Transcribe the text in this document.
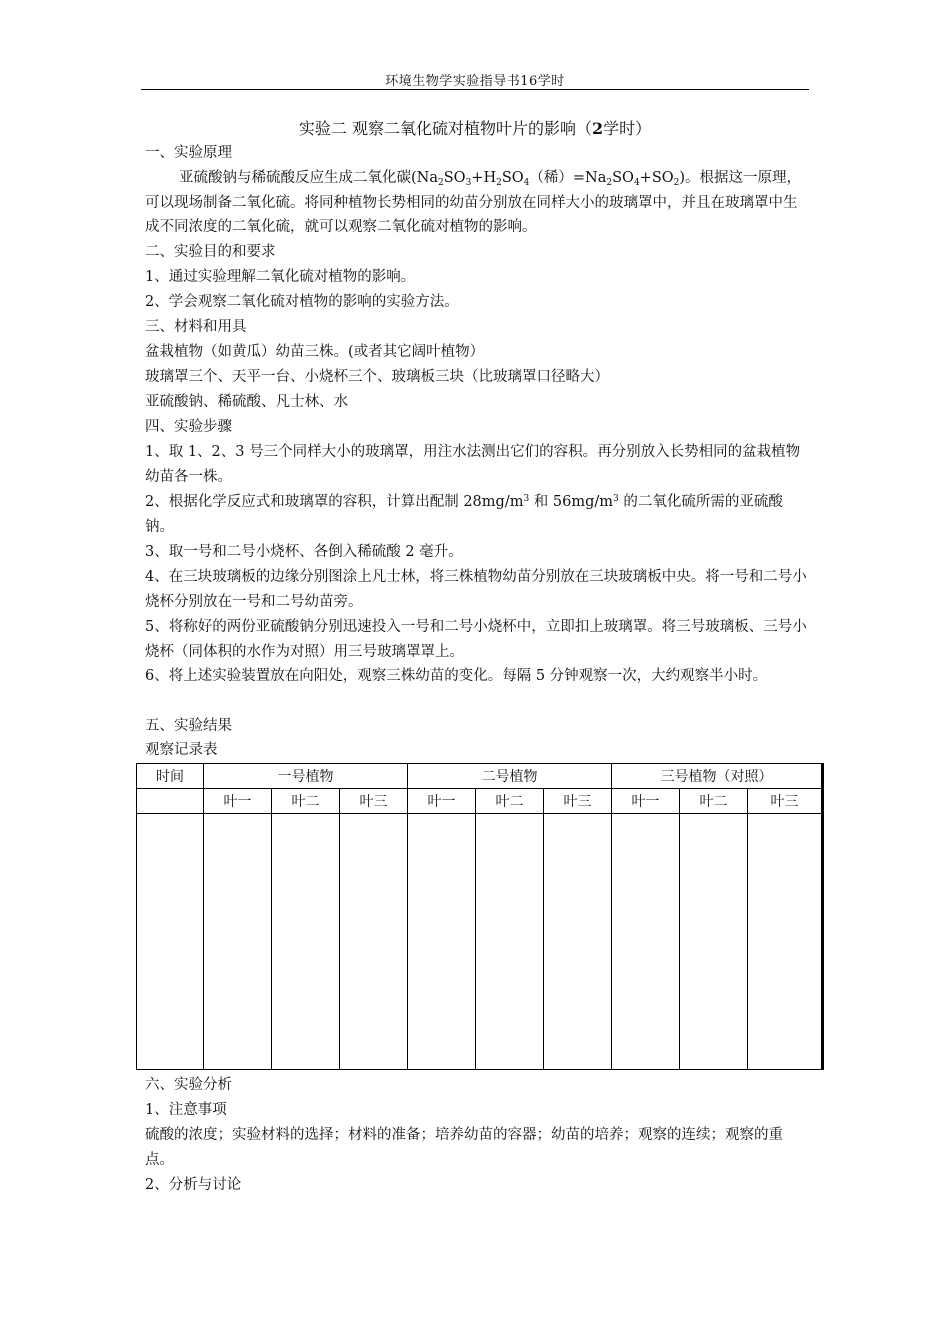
环境生物学实验指导书16学时
实验二 观察二氧化硫对植物叶片的影响（2学时）
一、实验原理
亚硫酸钠与稀硫酸反应生成二氧化碳($Na_2SO_3+H_2SO_4$（稀）$=Na_2SO_4+SO_2$)。根据这一原理，可以现场制备二氧化硫。将同种植物长势相同的幼苗分别放在同样大小的玻璃罩中，并且在玻璃罩中生成不同浓度的二氧化硫，就可以观察二氧化硫对植物的影响。
二、实验目的和要求
1、通过实验理解二氧化硫对植物的影响。
2、学会观察二氧化硫对植物的影响的实验方法。
三、材料和用具
盆栽植物（如黄瓜）幼苗三株。(或者其它阔叶植物）
玻璃罩三个、天平一台、小烧杯三个、玻璃板三块（比玻璃罩口径略大）
亚硫酸钠、稀硫酸、凡士林、水
四、实验步骤
1、取 1、2、3 号三个同样大小的玻璃罩，用注水法测出它们的容积。再分别放入长势相同的盆栽植物幼苗各一株。
2、根据化学反应式和玻璃罩的容积，计算出配制 $28mg/m^3$ 和 $56mg/m^3$ 的二氧化硫所需的亚硫酸钠。
3、取一号和二号小烧杯、各倒入稀硫酸 2 毫升。
4、在三块玻璃板的边缘分别图涂上凡士林，将三株植物幼苗分别放在三块玻璃板中央。将一号和二号小烧杯分别放在一号和二号幼苗旁。
5、将称好的两份亚硫酸钠分别迅速投入一号和二号小烧杯中，立即扣上玻璃罩。将三号玻璃板、三号小烧杯（同体积的水作为对照）用三号玻璃罩罩上。
6、将上述实验装置放在向阳处，观察三株幼苗的变化。每隔 5 分钟观察一次，大约观察半小时。
五、实验结果
观察记录表
时间	一号植物			二号植物			三号植物（对照）		
	叶一	叶二	叶三	叶一	叶二	叶三	叶一	叶二	叶三

六、实验分析
1、注意事项
硫酸的浓度；实验材料的选择；材料的准备；培养幼苗的容器；幼苗的培养；观察的连续；观察的重点。
2、分析与讨论
